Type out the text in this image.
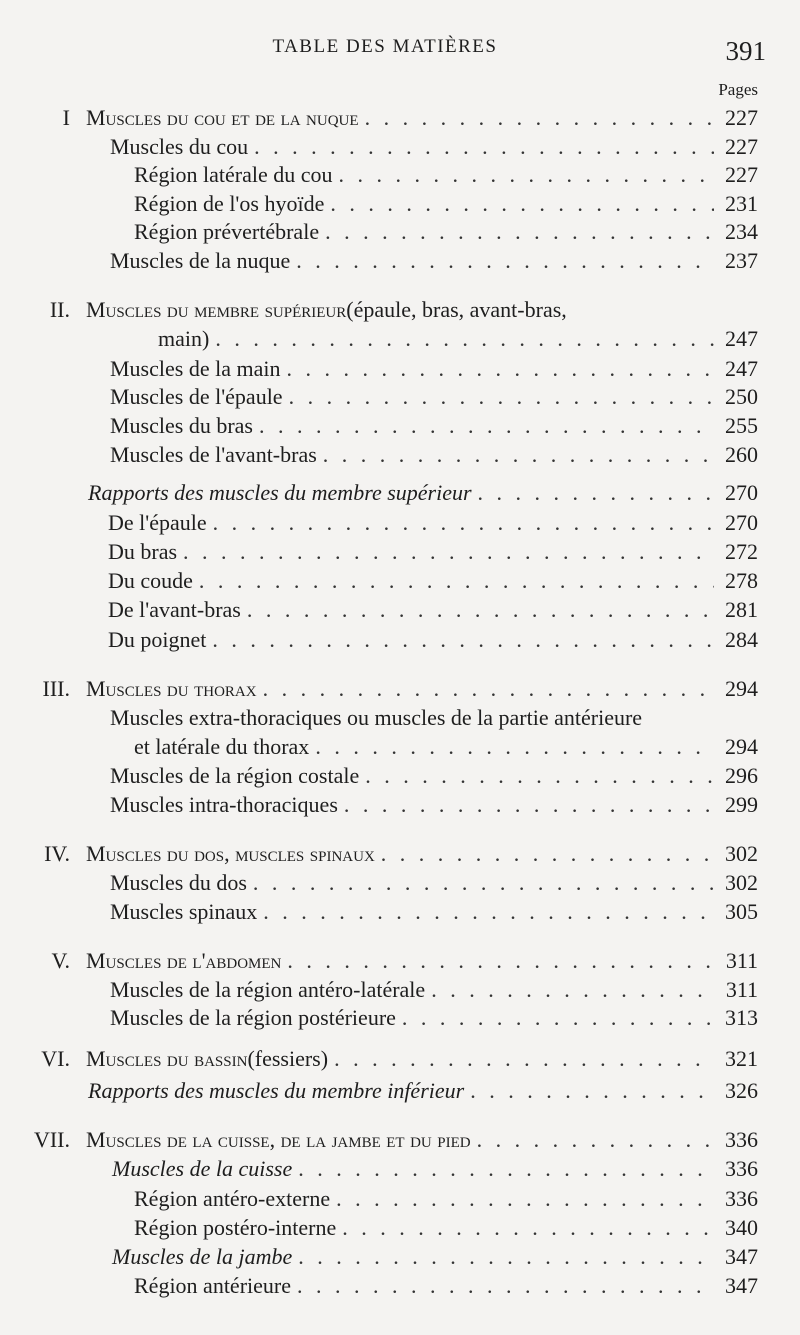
TABLE DES MATIÈRES	391
Pages
I Muscles du cou et de la nuque . . .	227
Muscles du cou . . .	227
Région latérale du cou . . .	227
Région de l'os hyoïde . . .	231
Région prévertébrale . . .	234
Muscles de la nuque . . .	237
II. Muscles du membre supérieur (épaule, bras, avant-bras,
main) . . .	247
Muscles de la main . . .	247
Muscles de l'épaule . . .	250
Muscles du bras . . .	255
Muscles de l'avant-bras . . .	260
Rapports des muscles du membre supérieur . . .	270
De l'épaule . . .	270
Du bras . . .	272
Du coude . . .	278
De l'avant-bras . . .	281
Du poignet . . .	284
III. Muscles du thorax . . .	294
Muscles extra-thoraciques ou muscles de la partie antérieure
et latérale du thorax . . .	294
Muscles de la région costale . . .	296
Muscles intra-thoraciques . . .	299
IV. Muscles du dos, muscles spinaux . . .	302
Muscles du dos . . .	302
Muscles spinaux . . .	305
V. Muscles de l'abdomen . . .	311
Muscles de la région antéro-latérale . . .	311
Muscles de la région postérieure . . .	313
VI. Muscles du bassin (fessiers) . . .	321
Rapports des muscles du membre inférieur . . .	326
VII. Muscles de la cuisse, de la jambe et du pied . . .	336
Muscles de la cuisse . . .	336
Région antéro-externe . . .	336
Région postéro-interne . . .	340
Muscles de la jambe . . .	347
Région antérieure . . .	347
